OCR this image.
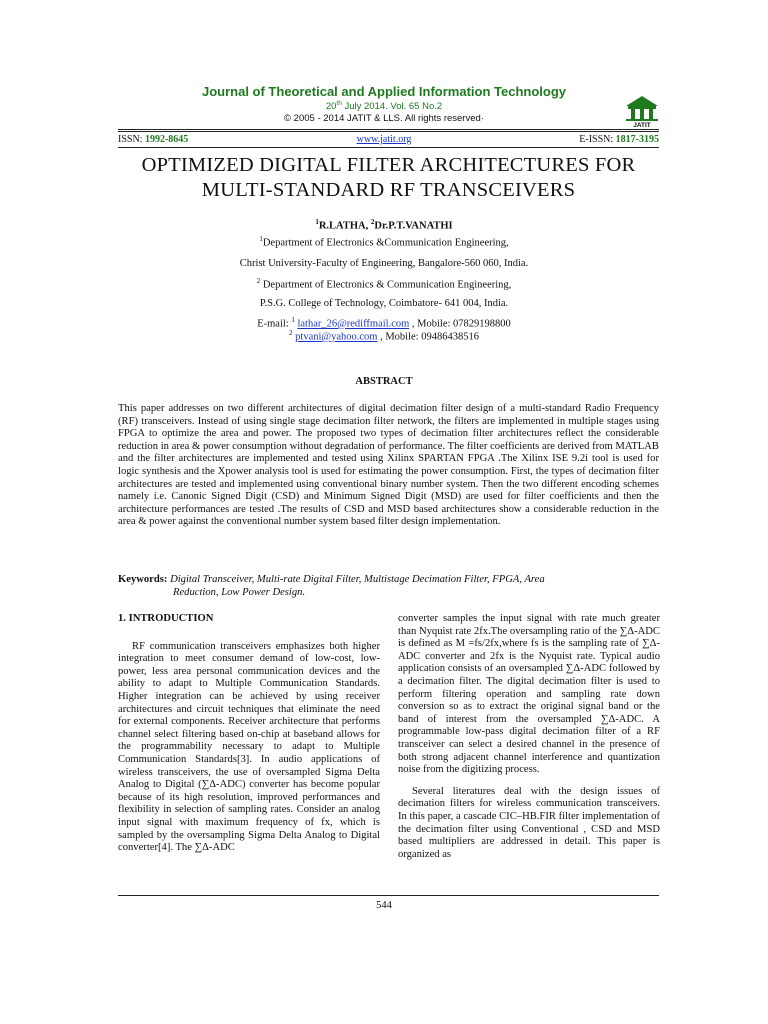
Journal of Theoretical and Applied Information Technology
20th July 2014. Vol. 65 No.2
© 2005 - 2014 JATIT & LLS. All rights reserved·
JATIT
ISSN: 1992-8645	www.jatit.org	E-ISSN: 1817-3195
OPTIMIZED DIGITAL FILTER ARCHITECTURES FOR
MULTI-STANDARD RF TRANSCEIVERS
$^1$R.LATHA, $^2$Dr.P.T.VANATHI
$^1$Department of Electronics &Communication Engineering,
Christ University-Faculty of Engineering, Bangalore-560 060, India.
$^2$ Department of Electronics & Communication Engineering,
P.S.G. College of Technology, Coimbatore- 641 004, India.
E-mail: $^1$ lathar_26@rediffmail.com , Mobile: 07829198800
$^2$ ptvani@yahoo.com , Mobile: 09486438516
ABSTRACT
This paper addresses on two different architectures of digital decimation filter design of a multi-standard Radio Frequency (RF) transceivers. Instead of using single stage decimation filter network, the filters are implemented in multiple stages using FPGA to optimize the area and power. The proposed two types of decimation filter architectures reflect the considerable reduction in area & power consumption without degradation of performance. The filter coefficients are derived from MATLAB and the filter architectures are implemented and tested using Xilinx SPARTAN FPGA .The Xilinx ISE 9.2i tool is used for logic synthesis and the Xpower analysis tool is used for estimating the power consumption. First, the types of decimation filter architectures are tested and implemented using conventional binary number system. Then the two different encoding schemes namely i.e. Canonic Signed Digit (CSD) and Minimum Signed Digit (MSD) are used for filter coefficients and then the architecture performances are tested .The results of CSD and MSD based architectures show a considerable reduction in the area & power against the conventional number system based filter design implementation.
Keywords: Digital Transceiver, Multi-rate Digital Filter, Multistage Decimation Filter, FPGA, Area
Reduction, Low Power Design.
1. INTRODUCTION

RF communication transceivers emphasizes both higher integration to meet consumer demand of low-cost, low-power, less area personal communication devices and the ability to adapt to Multiple Communication Standards. Higher integration can be achieved by using receiver architectures and circuit techniques that eliminate the need for external components. Receiver architecture that performs channel select filtering based on-chip at baseband allows for the programmability necessary to adapt to Multiple Communication Standards[3]. In audio applications of wireless transceivers, the use of oversampled Sigma Delta Analog to Digital (∑Δ-ADC) converter has become popular because of its high resolution, improved performances and flexibility in selection of sampling rates. Consider an analog input signal with maximum frequency of fx, which is sampled by the oversampling Sigma Delta Analog to Digital converter[4]. The ∑Δ-ADC

converter samples the input signal with rate much greater than Nyquist rate 2fx.The oversampling ratio of the ∑Δ-ADC is defined as M =fs/2fx,where fs is the sampling rate of ∑Δ-ADC converter and 2fx is the Nyquist rate. Typical audio application consists of an oversampled ∑Δ-ADC followed by a decimation filter. The digital decimation filter is used to perform filtering operation and sampling rate down conversion so as to extract the original signal band or the band of interest from the oversampled ∑Δ-ADC. A programmable low-pass digital decimation filter of a RF transceiver can select a desired channel in the presence of both strong adjacent channel interference and quantization noise from the digitizing process.

Several literatures deal with the design issues of decimation filters for wireless communication transceivers. In this paper, a cascade CIC–HB.FIR filter implementation of the decimation filter using Conventional , CSD and MSD based multipliers are addressed in detail. This paper is organized as

544
